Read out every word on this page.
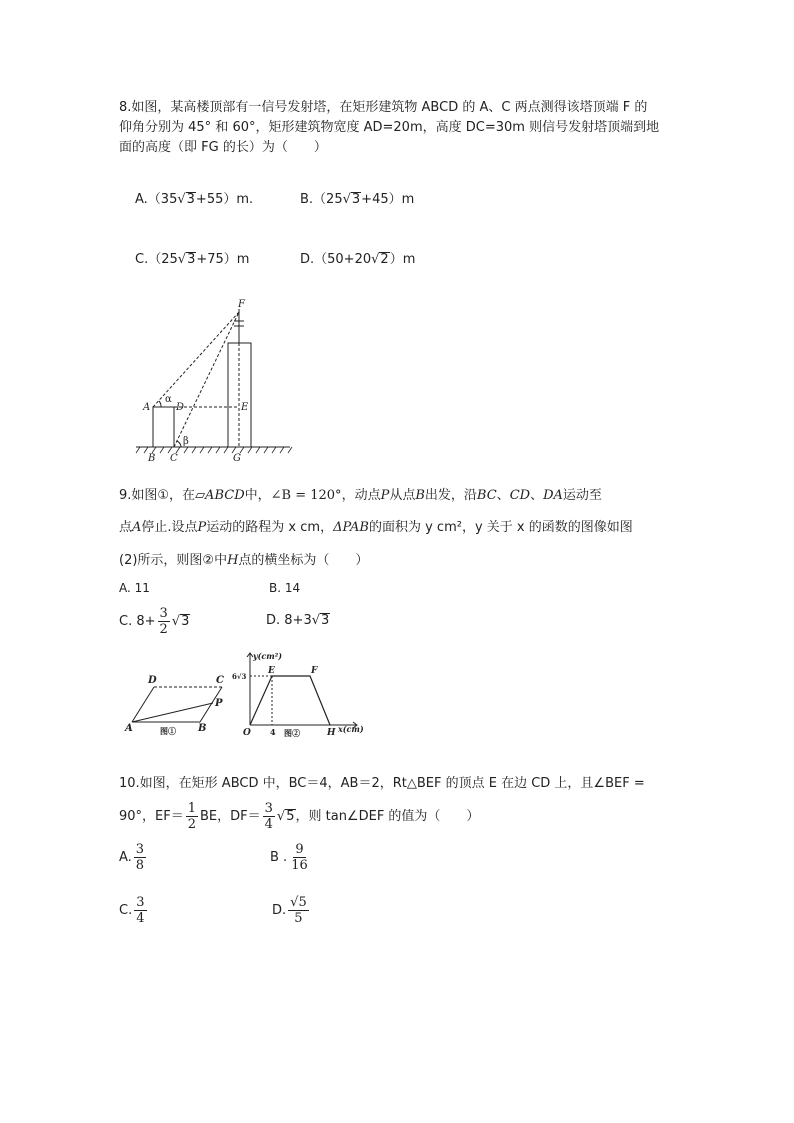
8.如图，某高楼顶部有一信号发射塔，在矩形建筑物 ABCD 的 A、C 两点测得该塔顶端 F 的
仰角分别为 45° 和 60°，矩形建筑物宽度 AD=20m，高度 DC=30m 则信号发射塔顶端到地
面的高度（即 FG 的长）为（　　）
A.（35√3+55）m.	B.（25√3+45）m
C.（25√3+75）m	D.（50+20√2）m
F
A	D	E
B C	G
α
β
9.如图①，在▱ABCD中，∠B = 120°，动点P从点B出发，沿BC、CD、DA运动至
点A停止.设点P运动的路程为 x cm，ΔPAB的面积为 y cm²，y 关于 x 的函数的图像如图
(2)所示，则图②中H点的横坐标为（　　）
A. 11	B. 14
C. $8+ \frac{3}{2} √3$	D. 8+3√3
D	C
P
A	B
图①
y(cm²)
6√3
E	F
O 4	H x(cm)
图②
10.如图，在矩形 ABCD 中，BC＝4，AB＝2，Rt△BEF 的顶点 E 在边 CD 上，且∠BEF =
90°，$EF= \frac{1}{2}$ BE，$DF= \frac{3}{4} √5$，则 tan∠DEF 的值为（　　）
A. $\frac{3}{8}$	B . $\frac{9}{16}$
C. $\frac{3}{4}$	D. $\frac{√5}{5}$
